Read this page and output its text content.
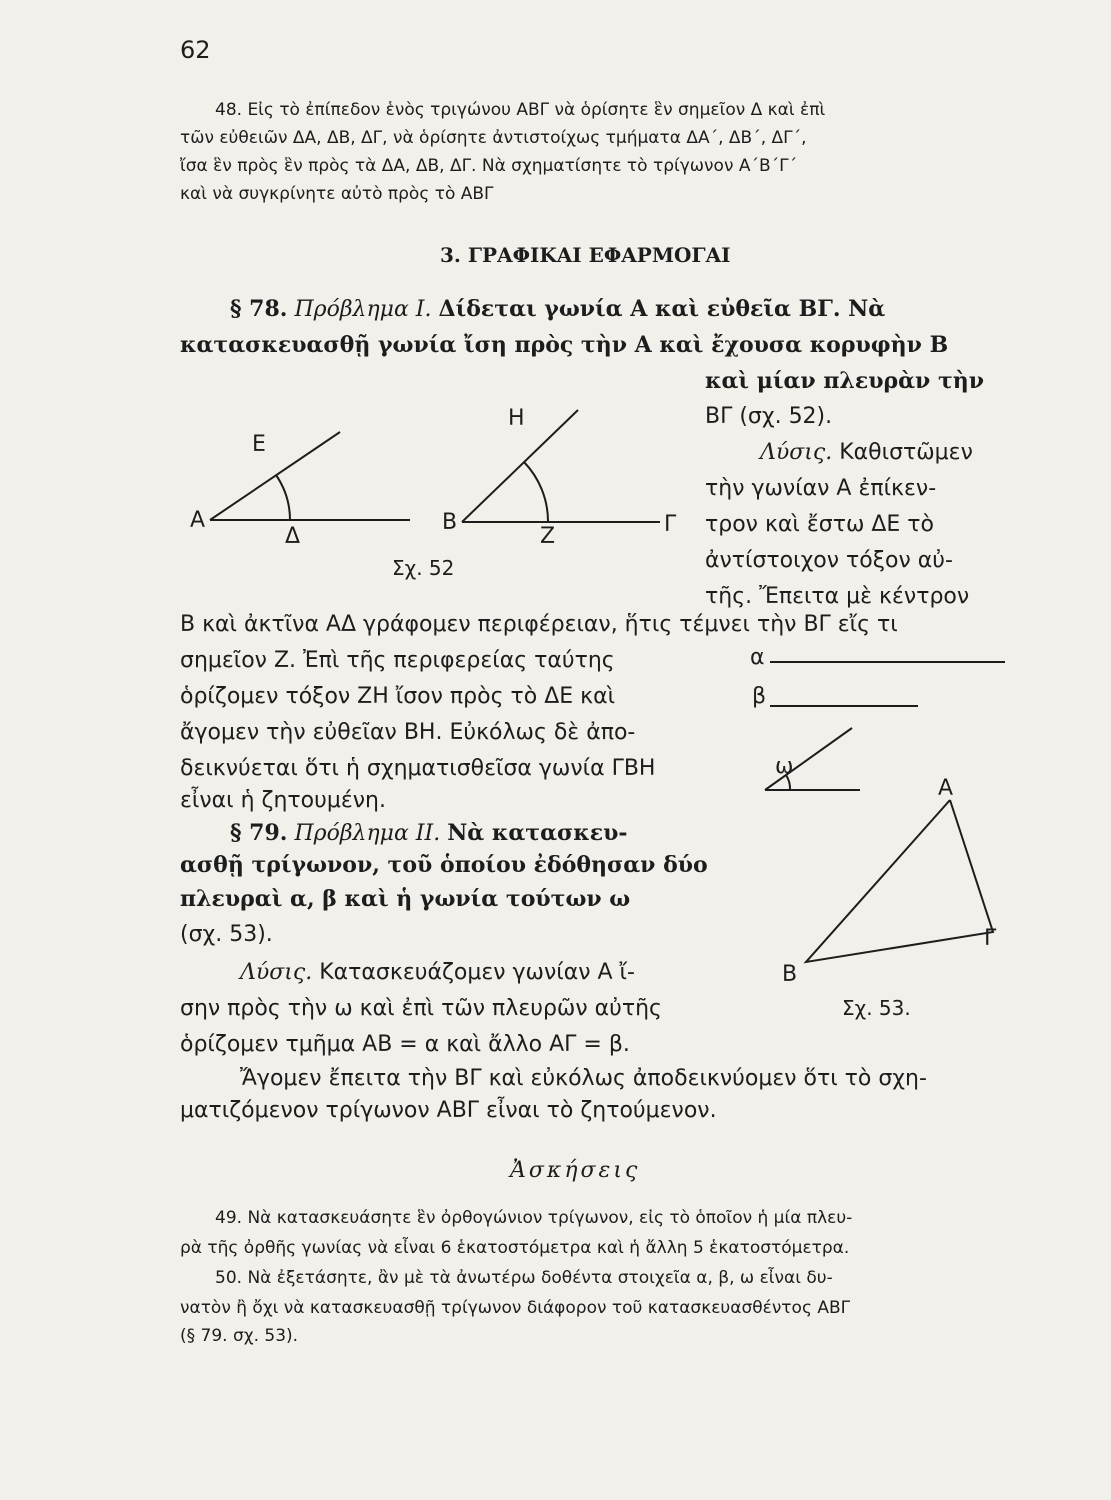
62
48. Εἰς τὸ ἐπίπεδον ἑνὸς τριγώνου ΑΒΓ νὰ ὁρίσητε ἓν σημεῖον Δ καὶ ἐπὶ
τῶν εὐθειῶν ΔΑ, ΔΒ, ΔΓ, νὰ ὁρίσητε ἀντιστοίχως τμήματα ΔΑ΄, ΔΒ΄, ΔΓ΄,
ἴσα ἓν πρὸς ἓν πρὸς τὰ ΔΑ, ΔΒ, ΔΓ. Νὰ σχηματίσητε τὸ τρίγωνον Α΄Β΄Γ΄
καὶ νὰ συγκρίνητε αὐτὸ πρὸς τὸ ΑΒΓ
3. ΓΡΑΦΙΚΑΙ ΕΦΑΡΜΟΓΑΙ
§ 78. Πρόβλημα Ι. Δίδεται γωνία Α καὶ εὐθεῖα ΒΓ. Νὰ
κατασκευασθῇ γωνία ἴση πρὸς τὴν Α καὶ ἔχουσα κορυφὴν Β
καὶ μίαν πλευρὰν τὴν
ΒΓ (σχ. 52).
Λύσις. Καθιστῶμεν
τὴν γωνίαν Α ἐπίκεν-
τρον καὶ ἔστω ΔΕ τὸ
ἀντίστοιχον τόξον αὐ-
τῆς. Ἔπειτα μὲ κέντρον
Β καὶ ἀκτῖνα ΑΔ γράφομεν περιφέρειαν, ἥτις τέμνει τὴν ΒΓ εἴς τι
σημεῖον Ζ. Ἐπὶ τῆς περιφερείας ταύτης
ὁρίζομεν τόξον ΖΗ ἴσον πρὸς τὸ ΔΕ καὶ
ἄγομεν τὴν εὐθεῖαν ΒΗ. Εὐκόλως δὲ ἀπο-
δεικνύεται ὅτι ἡ σχηματισθεῖσα γωνία ΓΒΗ
εἶναι ἡ ζητουμένη.
Α
Ε
Δ
Β
Η
Ζ	Γ
Σχ. 52
§ 79. Πρόβλημα ΙΙ. Νὰ κατασκευ-
ασθῇ τρίγωνον, τοῦ ὁποίου ἐδόθησαν δύο
πλευραὶ α, β καὶ ἡ γωνία τούτων ω
(σχ. 53).
Λύσις. Κατασκευάζομεν γωνίαν Α ἴ-
σην πρὸς τὴν ω καὶ ἐπὶ τῶν πλευρῶν αὐτῆς
ὁρίζομεν τμῆμα ΑΒ = α καὶ ἄλλο ΑΓ = β.
Ἄγομεν ἔπειτα τὴν ΒΓ καὶ εὐκόλως ἀποδεικνύομεν ὅτι τὸ σχη-
ματιζόμενον τρίγωνον ΑΒΓ εἶναι τὸ ζητούμενον.
α
β
ω
Α
Β
Γ
Σχ. 53.
Ἀσκήσεις
49. Νὰ κατασκευάσητε ἓν ὀρθογώνιον τρίγωνον, εἰς τὸ ὁποῖον ἡ μία πλευ-
ρὰ τῆς ὀρθῆς γωνίας νὰ εἶναι 6 ἑκατοστόμετρα καὶ ἡ ἄλλη 5 ἑκατοστόμετρα.
50. Νὰ ἐξετάσητε, ἂν μὲ τὰ ἀνωτέρω δοθέντα στοιχεῖα α, β, ω εἶναι δυ-
νατὸν ἢ ὄχι νὰ κατασκευασθῇ τρίγωνον διάφορον τοῦ κατασκευασθέντος ΑΒΓ
(§ 79. σχ. 53).
